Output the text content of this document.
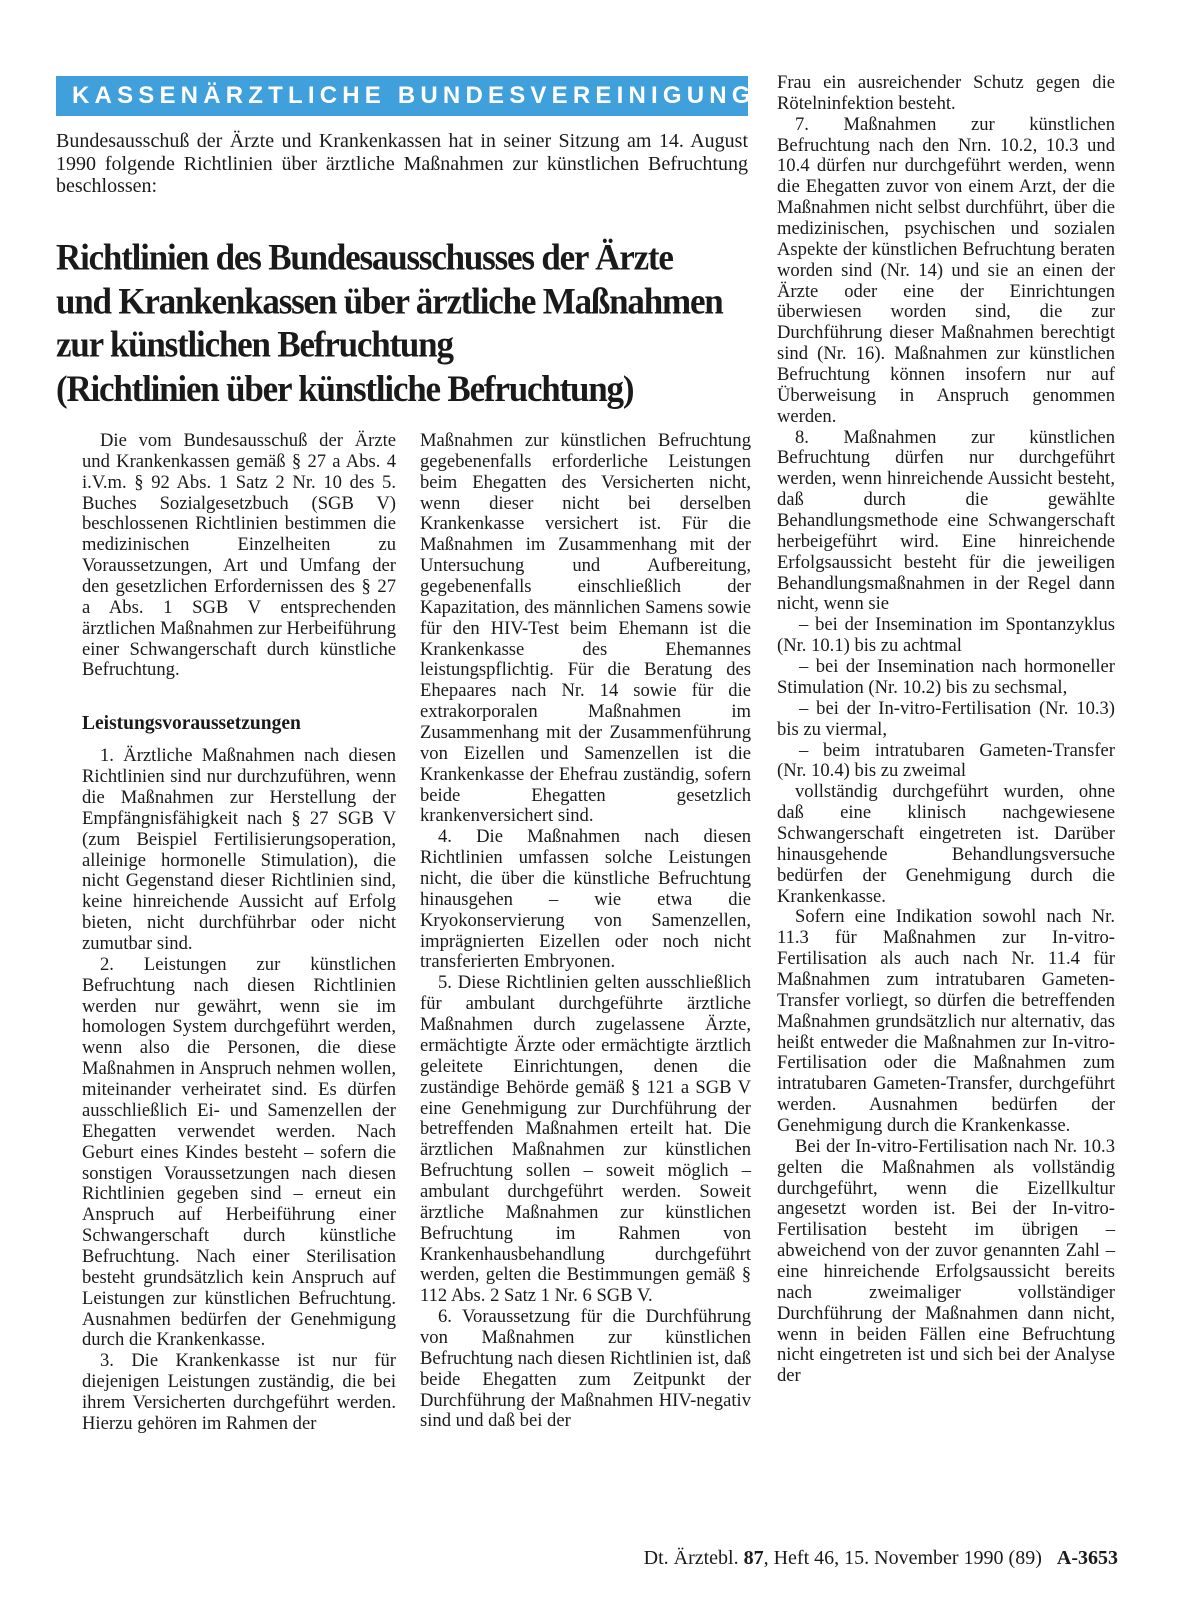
KASSENÄRZTLICHE BUNDESVEREINIGUNG

Bundesausschuß der Ärzte und Krankenkassen hat in seiner Sitzung am 14. August 1990 folgende Richtlinien über ärztliche Maßnahmen zur künstlichen Befruchtung beschlossen:

Richtlinien des Bundesausschusses der Ärzte
und Krankenkassen über ärztliche Maßnahmen
zur künstlichen Befruchtung
(Richtlinien über künstliche Befruchtung)

Die vom Bundesausschuß der Ärzte und Krankenkassen gemäß § 27 a Abs. 4 i.V.m. § 92 Abs. 1 Satz 2 Nr. 10 des 5. Buches Sozialgesetzbuch (SGB V) beschlossenen Richtlinien bestimmen die medizinischen Einzelheiten zu Voraussetzungen, Art und Umfang der den gesetzlichen Erfordernissen des § 27 a Abs. 1 SGB V entsprechenden ärztlichen Maßnahmen zur Herbeiführung einer Schwangerschaft durch künstliche Befruchtung.

Leistungsvoraussetzungen

1. Ärztliche Maßnahmen nach diesen Richtlinien sind nur durchzuführen, wenn die Maßnahmen zur Herstellung der Empfängnisfähigkeit nach § 27 SGB V (zum Beispiel Fertilisierungsoperation, alleinige hormonelle Stimulation), die nicht Gegenstand dieser Richtlinien sind, keine hinreichende Aussicht auf Erfolg bieten, nicht durchführbar oder nicht zumutbar sind.

2. Leistungen zur künstlichen Befruchtung nach diesen Richtlinien werden nur gewährt, wenn sie im homologen System durchgeführt werden, wenn also die Personen, die diese Maßnahmen in Anspruch nehmen wollen, miteinander verheiratet sind. Es dürfen ausschließlich Ei- und Samenzellen der Ehegatten verwendet werden. Nach Geburt eines Kindes besteht – sofern die sonstigen Voraussetzungen nach diesen Richtlinien gegeben sind – erneut ein Anspruch auf Herbeiführung einer Schwangerschaft durch künstliche Befruchtung. Nach einer Sterilisation besteht grundsätzlich kein Anspruch auf Leistungen zur künstlichen Befruchtung. Ausnahmen bedürfen der Genehmigung durch die Krankenkasse.

3. Die Krankenkasse ist nur für diejenigen Leistungen zuständig, die bei ihrem Versicherten durchgeführt werden. Hierzu gehören im Rahmen der

Maßnahmen zur künstlichen Befruchtung gegebenenfalls erforderliche Leistungen beim Ehegatten des Versicherten nicht, wenn dieser nicht bei derselben Krankenkasse versichert ist. Für die Maßnahmen im Zusammenhang mit der Untersuchung und Aufbereitung, gegebenenfalls einschließlich der Kapazitation, des männlichen Samens sowie für den HIV-Test beim Ehemann ist die Krankenkasse des Ehemannes leistungspflichtig. Für die Beratung des Ehepaares nach Nr. 14 sowie für die extrakorporalen Maßnahmen im Zusammenhang mit der Zusammenführung von Eizellen und Samenzellen ist die Krankenkasse der Ehefrau zuständig, sofern beide Ehegatten gesetzlich krankenversichert sind.

4. Die Maßnahmen nach diesen Richtlinien umfassen solche Leistungen nicht, die über die künstliche Befruchtung hinausgehen – wie etwa die Kryokonservierung von Samenzellen, imprägnierten Eizellen oder noch nicht transferierten Embryonen.

5. Diese Richtlinien gelten ausschließlich für ambulant durchgeführte ärztliche Maßnahmen durch zugelassene Ärzte, ermächtigte Ärzte oder ermächtigte ärztlich geleitete Einrichtungen, denen die zuständige Behörde gemäß § 121 a SGB V eine Genehmigung zur Durchführung der betreffenden Maßnahmen erteilt hat. Die ärztlichen Maßnahmen zur künstlichen Befruchtung sollen – soweit möglich – ambulant durchgeführt werden. Soweit ärztliche Maßnahmen zur künstlichen Befruchtung im Rahmen von Krankenhausbehandlung durchgeführt werden, gelten die Bestimmungen gemäß § 112 Abs. 2 Satz 1 Nr. 6 SGB V.

6. Voraussetzung für die Durchführung von Maßnahmen zur künstlichen Befruchtung nach diesen Richtlinien ist, daß beide Ehegatten zum Zeitpunkt der Durchführung der Maßnahmen HIV-negativ sind und daß bei der

Frau ein ausreichender Schutz gegen die Rötelninfektion besteht.

7. Maßnahmen zur künstlichen Befruchtung nach den Nrn. 10.2, 10.3 und 10.4 dürfen nur durchgeführt werden, wenn die Ehegatten zuvor von einem Arzt, der die Maßnahmen nicht selbst durchführt, über die medizinischen, psychischen und sozialen Aspekte der künstlichen Befruchtung beraten worden sind (Nr. 14) und sie an einen der Ärzte oder eine der Einrichtungen überwiesen worden sind, die zur Durchführung dieser Maßnahmen berechtigt sind (Nr. 16). Maßnahmen zur künstlichen Befruchtung können insofern nur auf Überweisung in Anspruch genommen werden.

8. Maßnahmen zur künstlichen Befruchtung dürfen nur durchgeführt werden, wenn hinreichende Aussicht besteht, daß durch die gewählte Behandlungsmethode eine Schwangerschaft herbeigeführt wird. Eine hinreichende Erfolgsaussicht besteht für die jeweiligen Behandlungsmaßnahmen in der Regel dann nicht, wenn sie

– bei der Insemination im Spontanzyklus (Nr. 10.1) bis zu achtmal

– bei der Insemination nach hormoneller Stimulation (Nr. 10.2) bis zu sechsmal,

– bei der In-vitro-Fertilisation (Nr. 10.3) bis zu viermal,

– beim intratubaren Gameten-Transfer (Nr. 10.4) bis zu zweimal

vollständig durchgeführt wurden, ohne daß eine klinisch nachgewiesene Schwangerschaft eingetreten ist. Darüber hinausgehende Behandlungsversuche bedürfen der Genehmigung durch die Krankenkasse.

Sofern eine Indikation sowohl nach Nr. 11.3 für Maßnahmen zur In-vitro-Fertilisation als auch nach Nr. 11.4 für Maßnahmen zum intratubaren Gameten-Transfer vorliegt, so dürfen die betreffenden Maßnahmen grundsätzlich nur alternativ, das heißt entweder die Maßnahmen zur In-vitro-Fertilisation oder die Maßnahmen zum intratubaren Gameten-Transfer, durchgeführt werden. Ausnahmen bedürfen der Genehmigung durch die Krankenkasse.

Bei der In-vitro-Fertilisation nach Nr. 10.3 gelten die Maßnahmen als vollständig durchgeführt, wenn die Eizellkultur angesetzt worden ist. Bei der In-vitro-Fertilisation besteht im übrigen – abweichend von der zuvor genannten Zahl – eine hinreichende Erfolgsaussicht bereits nach zweimaliger vollständiger Durchführung der Maßnahmen dann nicht, wenn in beiden Fällen eine Befruchtung nicht eingetreten ist und sich bei der Analyse der

Dt. Ärztebl. 87, Heft 46, 15. November 1990 (89) A-3653
